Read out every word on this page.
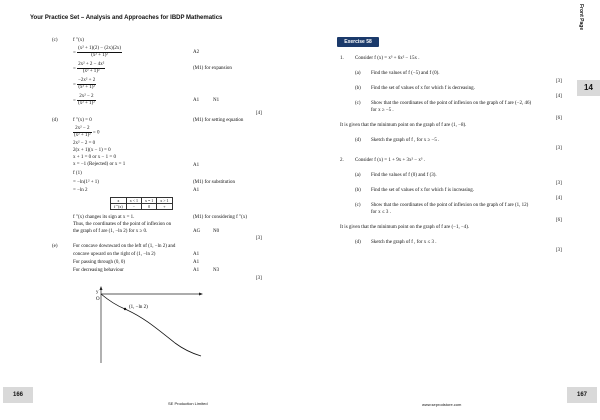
Your Practice Set – Analysis and Approaches for IBDP Mathematics	Front Page
(c)	f ′′(x)
= $\frac{\text{(x² + 1)(2) − (2x)(2x)}}{\text{(x² + 1)²}}$	A2
= $\frac{\text{2x² + 2 − 4x²}}{\text{(x² + 1)²}}$	(M1) for expansion
= $\frac{\text{−2x² + 2}}{\text{(x² + 1)²}}$
= $\frac{\text{2x² − 2}}{\text{(x² + 1)²}}$	A1	N1
[4]
(d)	f ′′(x) = 0	(M1) for setting equation
$\frac{\text{2x² − 2}}{\text{(x² + 1)²}} = 0$
2x² − 2 = 0
2(x + 1)(x − 1) = 0
x + 1 = 0 or x − 1 = 0
x = −1 (Rejected) or x = 1	A1
f (1)
= −ln(1² + 1)	(M1) for substitution
= −ln 2	A1
x	x < 1	x = 1	x > 1
f ′′(x)	−	0	+
f ″(x) changes its sign at x = 1.	(M1) for considering f ″(x)
Thus, the coordinates of the point of inflexion on
the graph of f are (1, −ln 2) for x ≥ 0.	AG	N0
[3]
(e)	For concave downward on the left of (1, −ln 2) and
concave upward on the right of (1, −ln 2)	A1
For passing through (0, 0)	A1
For decreasing behaviour	A1	N3
[3]
y
O
(1, −ln 2)
166
SE Production Limited
Exercise 58
1. Consider f (x) = x³ + 6x² − 15x .
(a) Find the values of f (−5) and f (0).
[3]
(b) Find the set of values of x for which f is decreasing.
[4]
(c) Show that the coordinates of the point of inflexion on the graph of f are (−2, 46)
for x ≥ −5 .
[6]
It is given that the minimum point on the graph of f are (1, −8).
(d) Sketch the graph of f , for x ≥ −5 .
[3]
2. Consider f (x) = 1 + 9x + 3x² − x³ .
(a) Find the values of f (0) and f (3).
[3]
(b) Find the set of values of x for which f is increasing.
[4]
(c) Show that the coordinates of the point of inflexion on the graph of f are (1, 12)
for x ≤ 3 .
[6]
It is given that the minimum point on the graph of f are (−1, −4).
(d) Sketch the graph of f , for x ≤ 3 .
[3]
14
167
www.seprodstore.com
